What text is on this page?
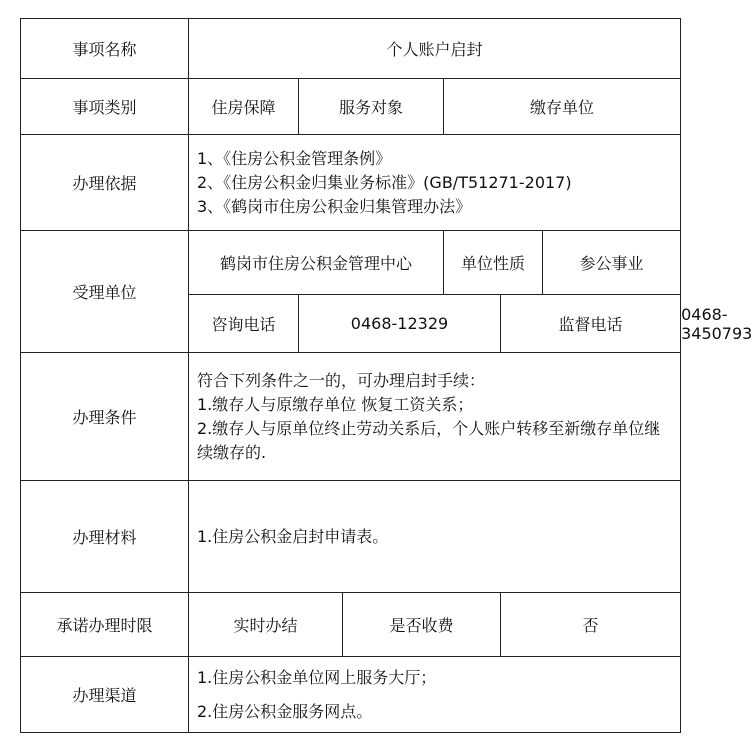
事项名称	个人账户启封						
事项类别	住房保障	服务对象		缴存单位			
办理依据	1、《住房公积金管理条例》
2、《住房公积金归集业务标准》(GB/T51271-2017)
3、《鹤岗市住房公积金归集管理办法》						

受理单位	鹤岗市住房公积金管理中心			单位性质		参公事业	
	咨询电话	0468-12329			监督电话		0468-3450793
办理条件	符合下列条件之一的，可办理启封手续：
1.缴存人与原缴存单位 恢复工资关系；
2.缴存人与原单位终止劳动关系后，个人账户转移至新缴存单位继续缴存的.						

办理材料	1.住房公积金启封申请表。						

承诺办理时限	实时办结		是否收费		否		
办理渠道	1.住房公积金单位网上服务大厅；
2.住房公积金服务网点。						
